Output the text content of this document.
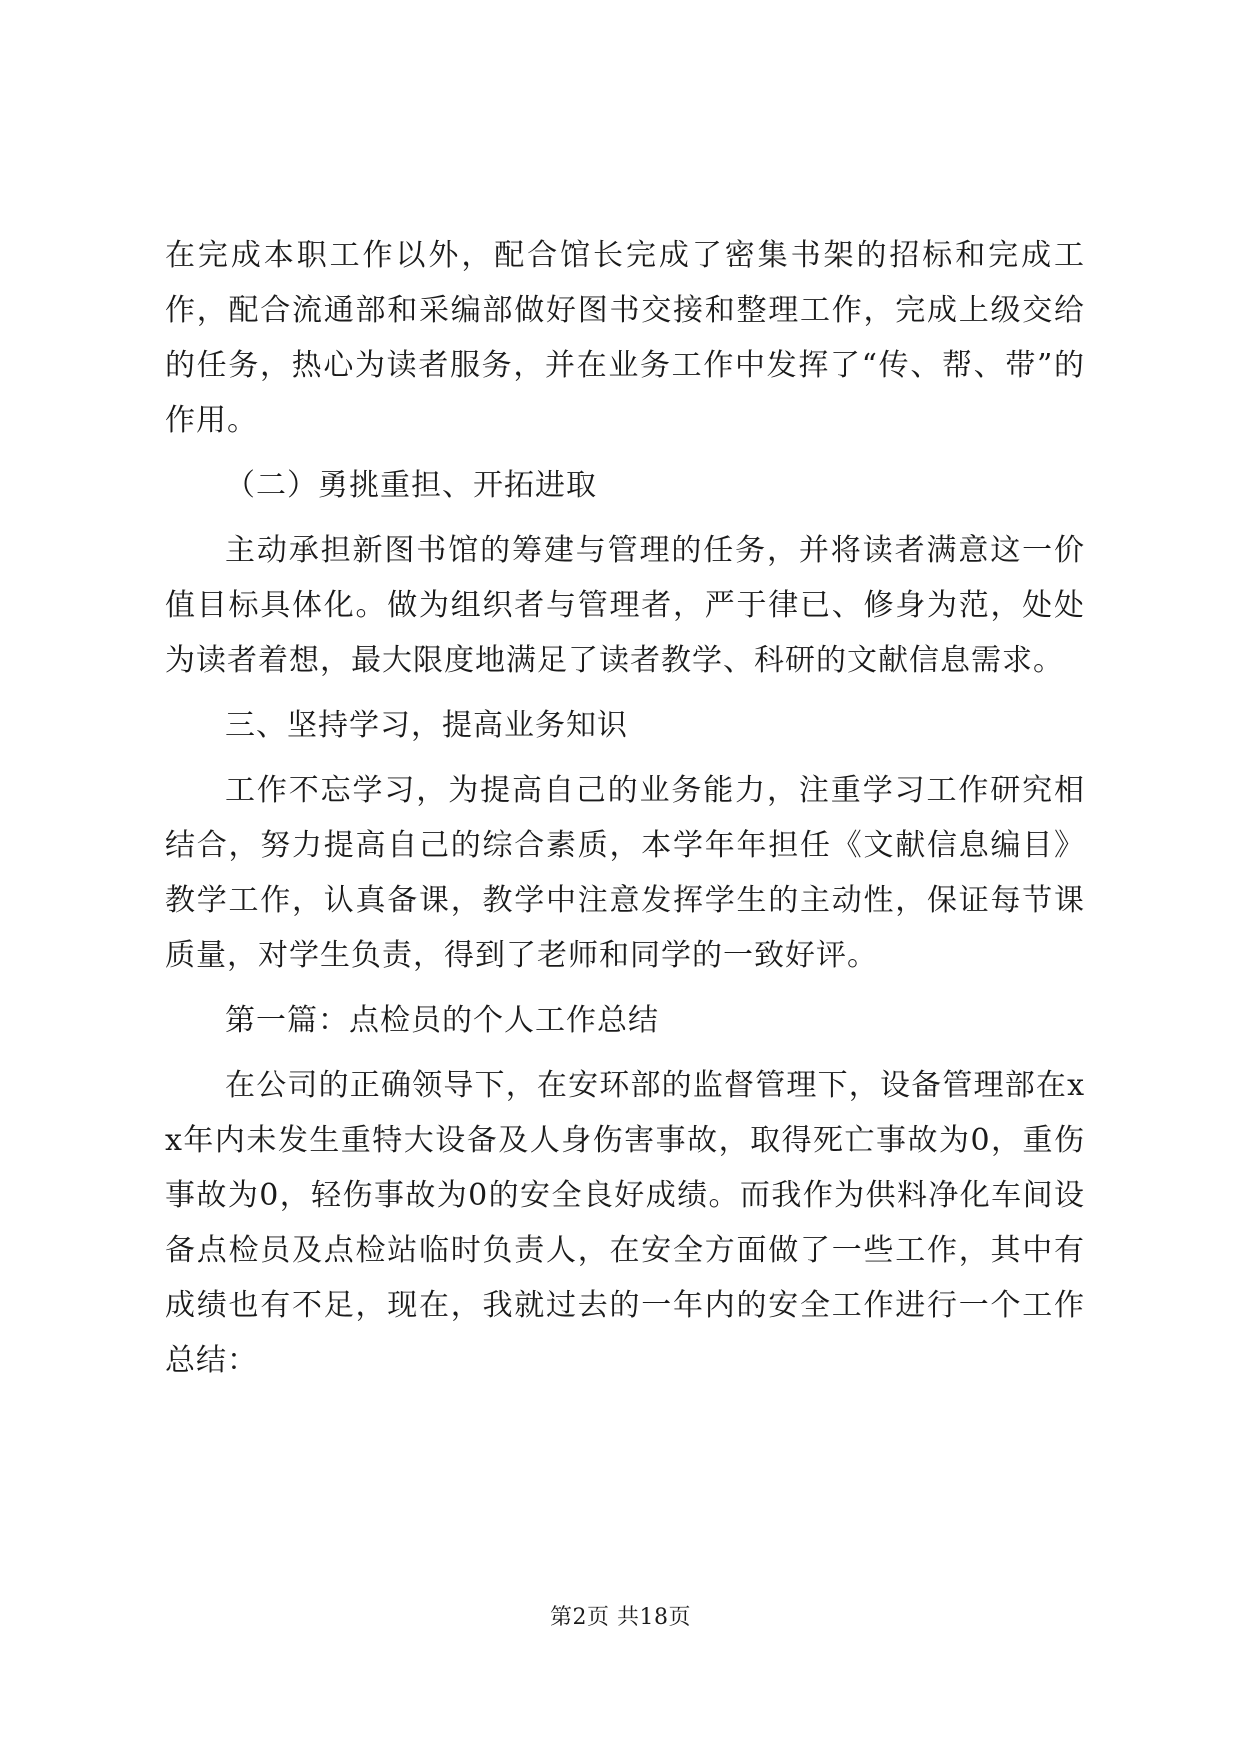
在完成本职工作以外，配合馆长完成了密集书架的招标和完成工作，配合流通部和采编部做好图书交接和整理工作，完成上级交给的任务，热心为读者服务，并在业务工作中发挥了“传、帮、带”的作用。

（二）勇挑重担、开拓进取

主动承担新图书馆的筹建与管理的任务，并将读者满意这一价值目标具体化。做为组织者与管理者，严于律已、修身为范，处处为读者着想，最大限度地满足了读者教学、科研的文献信息需求。

三、坚持学习，提高业务知识

工作不忘学习，为提高自己的业务能力，注重学习工作研究相结合，努力提高自己的综合素质，本学年年担任《文献信息编目》教学工作，认真备课，教学中注意发挥学生的主动性，保证每节课质量，对学生负责，得到了老师和同学的一致好评。

第一篇：点检员的个人工作总结

在公司的正确领导下，在安环部的监督管理下，设备管理部在xx年内未发生重特大设备及人身伤害事故，取得死亡事故为0，重伤事故为0，轻伤事故为0的安全良好成绩。而我作为供料净化车间设备点检员及点检站临时负责人，在安全方面做了一些工作，其中有成绩也有不足，现在，我就过去的一年内的安全工作进行一个工作总结：

第2页 共18页
